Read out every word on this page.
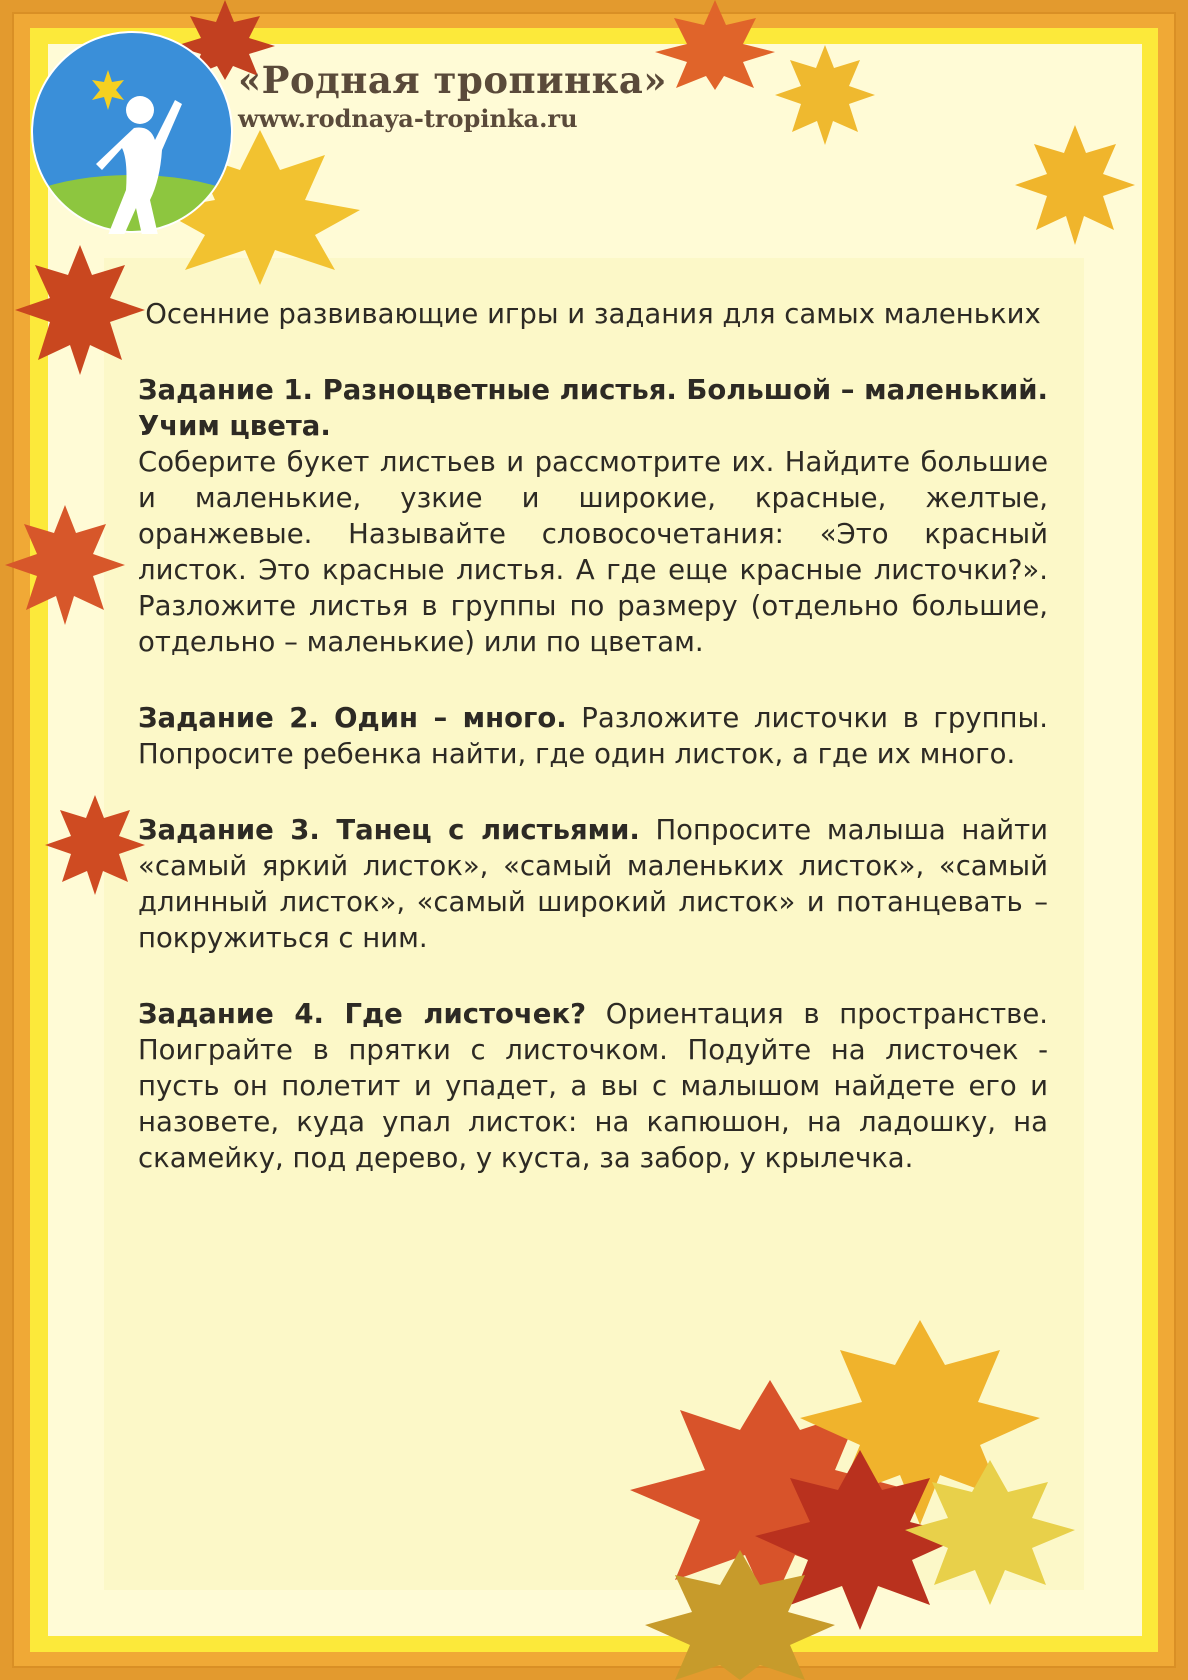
«Родная тропинка»
www.rodnaya-tropinka.ru
Осенние развивающие игры и задания для самых маленьких
Задание 1. Разноцветные листья. Большой – маленький. Учим цвета.
Соберите букет листьев и рассмотрите их. Найдите большие и маленькие, узкие и широкие, красные, желтые, оранжевые. Называйте словосочетания: «Это красный листок. Это красные листья. А где еще красные листочки?». Разложите листья в группы по размеру (отдельно большие, отдельно – маленькие) или по цветам.
Задание 2. Один – много. Разложите листочки в группы. Попросите ребенка найти, где один листок, а где их много.
Задание 3. Танец с листьями. Попросите малыша найти «самый яркий листок», «самый маленьких листок», «самый длинный листок», «самый широкий листок» и потанцевать – покружиться с ним.
Задание 4. Где листочек? Ориентация в пространстве. Поиграйте в прятки с листочком. Подуйте на листочек - пусть он полетит и упадет, а вы с малышом найдете его и назовете, куда упал листок: на капюшон, на ладошку, на скамейку, под дерево, у куста, за забор, у крылечка.
